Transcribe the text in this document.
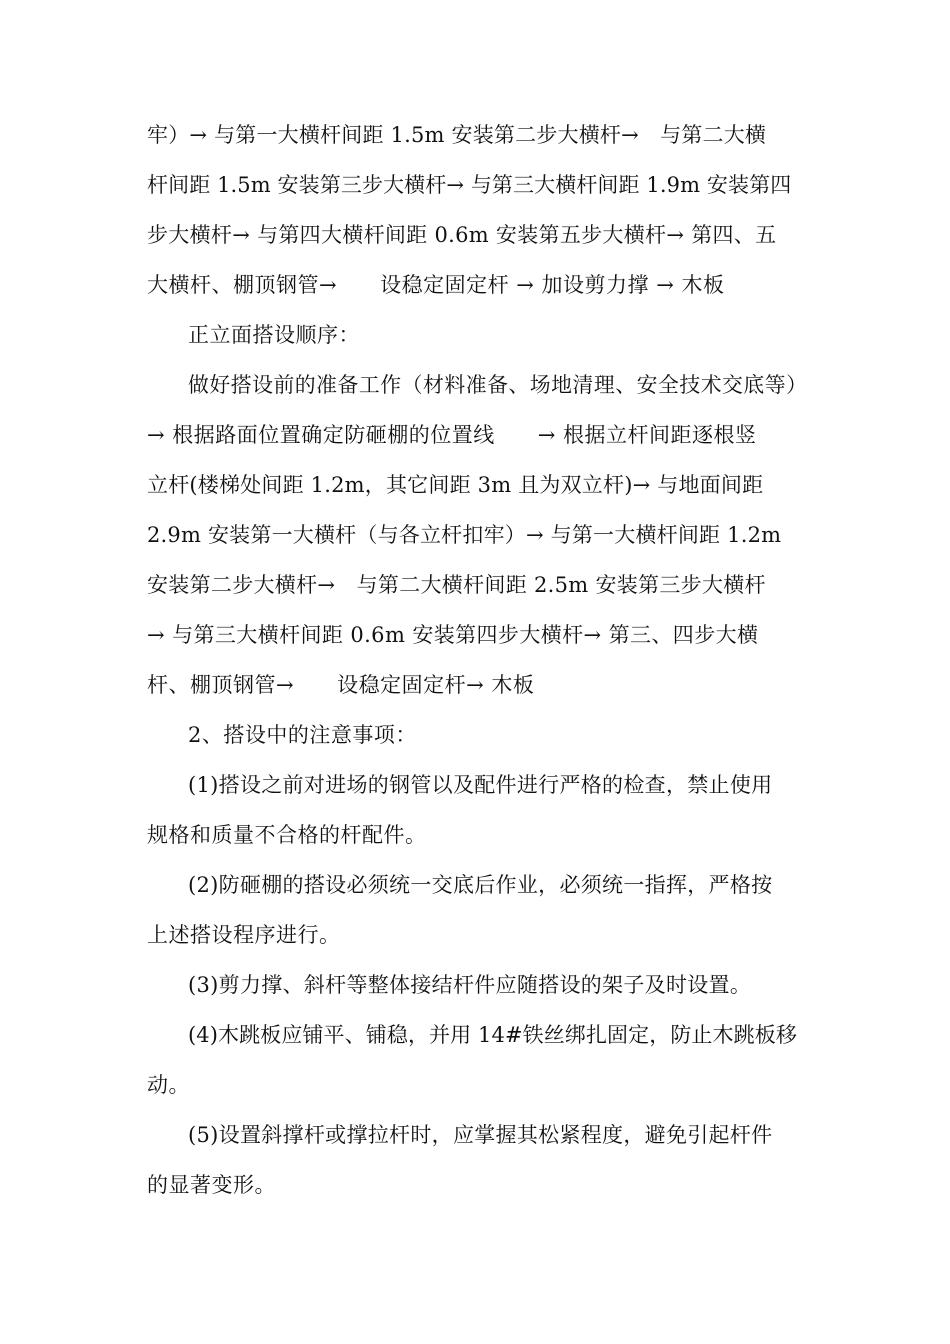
牢）→ 与第一大横杆间距 1.5m 安装第二步大横杆→　与第二大横
杆间距 1.5m 安装第三步大横杆→ 与第三大横杆间距 1.9m 安装第四
步大横杆→ 与第四大横杆间距 0.6m 安装第五步大横杆→ 第四、五
大横杆、棚顶钢管→　　设稳定固定杆 → 加设剪力撑 → 木板
正立面搭设顺序：
做好搭设前的准备工作（材料准备、场地清理、安全技术交底等）
→ 根据路面位置确定防砸棚的位置线　　→ 根据立杆间距逐根竖
立杆(楼梯处间距 1.2m，其它间距 3m 且为双立杆)→ 与地面间距
2.9m 安装第一大横杆（与各立杆扣牢）→ 与第一大横杆间距 1.2m
安装第二步大横杆→　与第二大横杆间距 2.5m 安装第三步大横杆
→ 与第三大横杆间距 0.6m 安装第四步大横杆→ 第三、四步大横
杆、棚顶钢管→　　设稳定固定杆→ 木板
2、搭设中的注意事项：
(1)搭设之前对进场的钢管以及配件进行严格的检查，禁止使用
规格和质量不合格的杆配件。
(2)防砸棚的搭设必须统一交底后作业，必须统一指挥，严格按
上述搭设程序进行。
(3)剪力撑、斜杆等整体接结杆件应随搭设的架子及时设置。
(4)木跳板应铺平、铺稳，并用 14#铁丝绑扎固定，防止木跳板移
动。
(5)设置斜撑杆或撑拉杆时，应掌握其松紧程度，避免引起杆件
的显著变形。
